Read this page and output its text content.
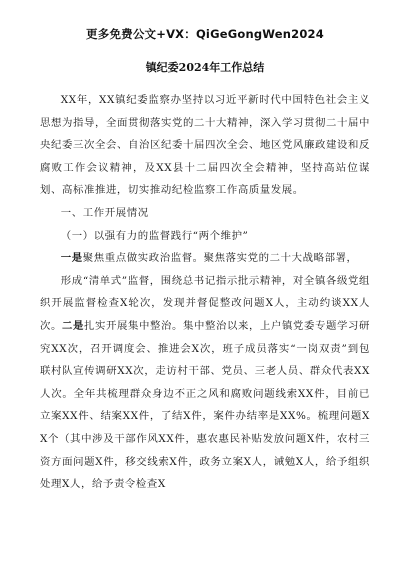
更多免费公文+VX：QiGeGongWen2024
镇纪委2024年工作总结

XX年，XX镇纪委监察办坚持以习近平新时代中国特色社会主义思想为指导，全面贯彻落实党的二十大精神，深入学习贯彻二十届中央纪委三次全会、自治区纪委十届四次全会、地区党风廉政建设和反腐败工作会议精神，及XX县十二届四次全会精神，坚持高站位谋划、高标准推进，切实推动纪检监察工作高质量发展。

一、工作开展情况

（一）以强有力的监督践行“两个维护”

一是聚焦重点做实政治监督。聚焦落实党的二十大战略部署，

形成“清单式”监督，围绕总书记指示批示精神，对全镇各级党组织开展监督检查X轮次，发现并督促整改问题X人，主动约谈XX人次。二是扎实开展集中整治。集中整治以来，上户镇党委专题学习研究XX次，召开调度会、推进会X次，班子成员落实“一岗双责”到包联村队宣传调研XX次，走访村干部、党员、三老人员、群众代表XX人次。全年共梳理群众身边不正之风和腐败问题线索XX件，目前已立案XX件、结案XX件，了结X件，案件办结率是XX%。梳理问题XX个（其中涉及干部作风XX件，惠农惠民补贴发放问题X件，农村三资方面问题X件，移交线索X件，政务立案X人，诫勉X人，给予组织处理X人，给予责令检查X
